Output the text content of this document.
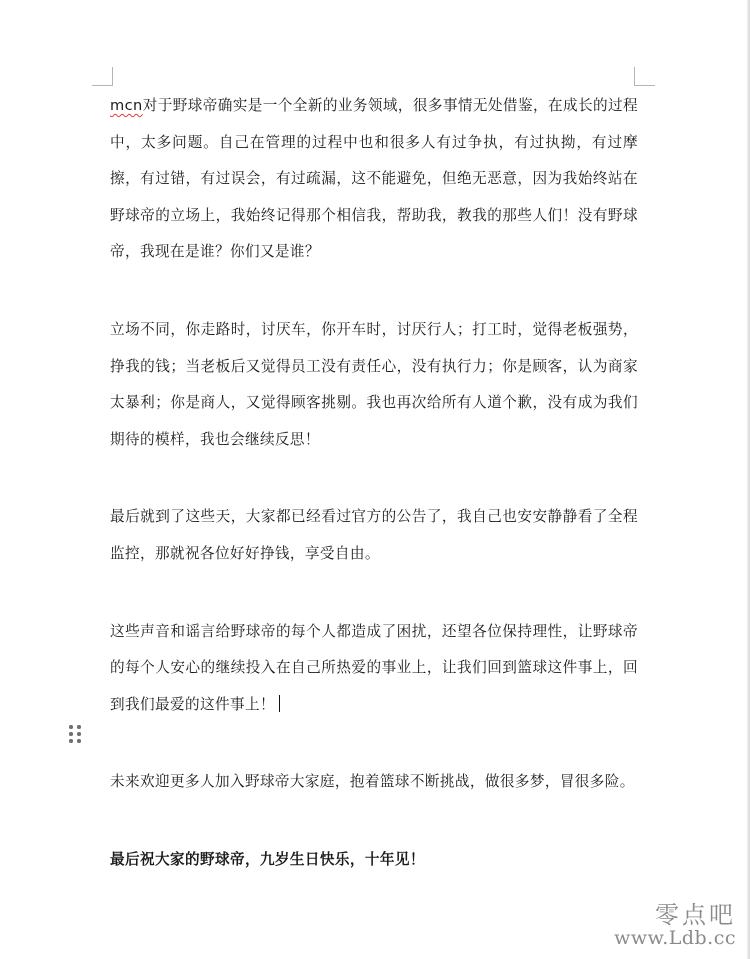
mcn对于野球帝确实是一个全新的业务领域，很多事情无处借鉴，在成长的过程中，太多问题。自己在管理的过程中也和很多人有过争执，有过执拗，有过摩擦，有过错，有过误会，有过疏漏，这不能避免，但绝无恶意，因为我始终站在野球帝的立场上，我始终记得那个相信我，帮助我，教我的那些人们！没有野球帝，我现在是谁？你们又是谁？

立场不同，你走路时，讨厌车，你开车时，讨厌行人；打工时，觉得老板强势，挣我的钱；当老板后又觉得员工没有责任心，没有执行力；你是顾客，认为商家太暴利；你是商人，又觉得顾客挑剔。我也再次给所有人道个歉，没有成为我们期待的模样，我也会继续反思！

最后就到了这些天，大家都已经看过官方的公告了，我自己也安安静静看了全程监控，那就祝各位好好挣钱，享受自由。

这些声音和谣言给野球帝的每个人都造成了困扰，还望各位保持理性，让野球帝的每个人安心的继续投入在自己所热爱的事业上，让我们回到篮球这件事上，回到我们最爱的这件事上！

未来欢迎更多人加入野球帝大家庭，抱着篮球不断挑战，做很多梦，冒很多险。

最后祝大家的野球帝，九岁生日快乐，十年见！

零点吧
www.Ldb.cc
